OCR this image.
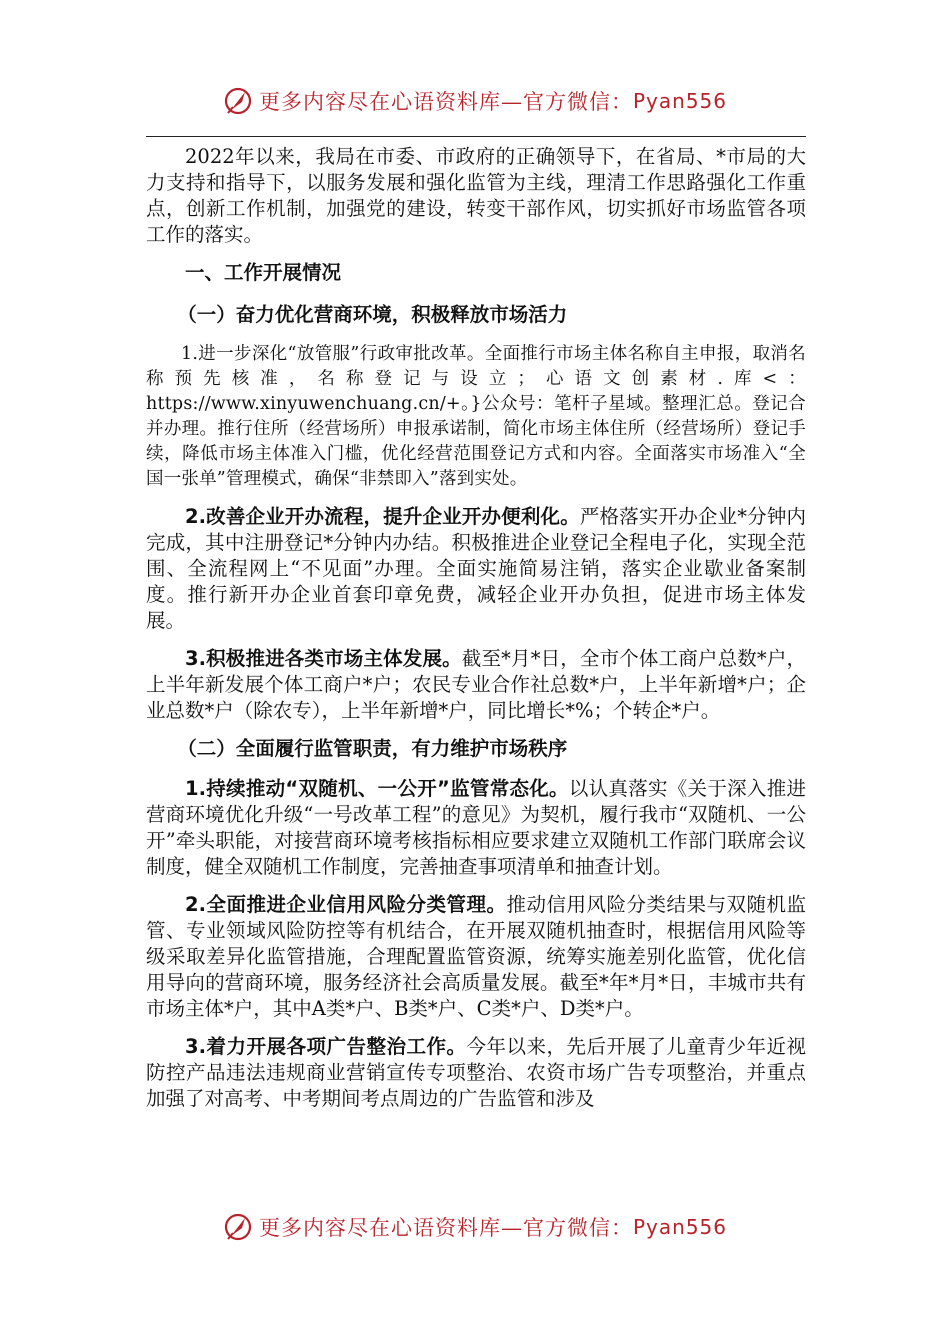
更多内容尽在心语资料库—官方微信： Pyan556

2022年以来，我局在市委、市政府的正确领导下，在省局、*市局的大力支持和指导下，以服务发展和强化监管为主线，理清工作思路强化工作重点，创新工作机制，加强党的建设，转变干部作风，切实抓好市场监管各项工作的落实。

一、工作开展情况

（一）奋力优化营商环境，积极释放市场活力

1.进一步深化“放管服”行政审批改革。全面推行市场主体名称自主申报，取消名称预先核准，名称登记与设立；心语文创素材.库<：https://www.xinyuwenchuang.cn/+。}公众号：笔杆子星域。整理汇总。登记合并办理。推行住所（经营场所）申报承诺制，简化市场主体住所（经营场所）登记手续，降低市场主体准入门槛，优化经营范围登记方式和内容。全面落实市场准入“全国一张单”管理模式，确保“非禁即入”落到实处。

2.改善企业开办流程，提升企业开办便利化。严格落实开办企业*分钟内完成，其中注册登记*分钟内办结。积极推进企业登记全程电子化，实现全范围、全流程网上“不见面”办理。全面实施简易注销，落实企业歇业备案制度。推行新开办企业首套印章免费，减轻企业开办负担，促进市场主体发展。

3.积极推进各类市场主体发展。截至*月*日，全市个体工商户总数*户，上半年新发展个体工商户*户；农民专业合作社总数*户，上半年新增*户；企业总数*户（除农专），上半年新增*户，同比增长*%；个转企*户。

（二）全面履行监管职责，有力维护市场秩序

1.持续推动“双随机、一公开”监管常态化。以认真落实《关于深入推进营商环境优化升级“一号改革工程”的意见》为契机，履行我市“双随机、一公开”牵头职能，对接营商环境考核指标相应要求建立双随机工作部门联席会议制度，健全双随机工作制度，完善抽查事项清单和抽查计划。

2.全面推进企业信用风险分类管理。推动信用风险分类结果与双随机监管、专业领域风险防控等有机结合，在开展双随机抽查时，根据信用风险等级采取差异化监管措施，合理配置监管资源，统筹实施差别化监管，优化信用导向的营商环境，服务经济社会高质量发展。截至*年*月*日，丰城市共有市场主体*户，其中A类*户、B类*户、C类*户、D类*户。

3.着力开展各项广告整治工作。今年以来，先后开展了儿童青少年近视防控产品违法违规商业营销宣传专项整治、农资市场广告专项整治，并重点加强了对高考、中考期间考点周边的广告监管和涉及

更多内容尽在心语资料库—官方微信： Pyan556
